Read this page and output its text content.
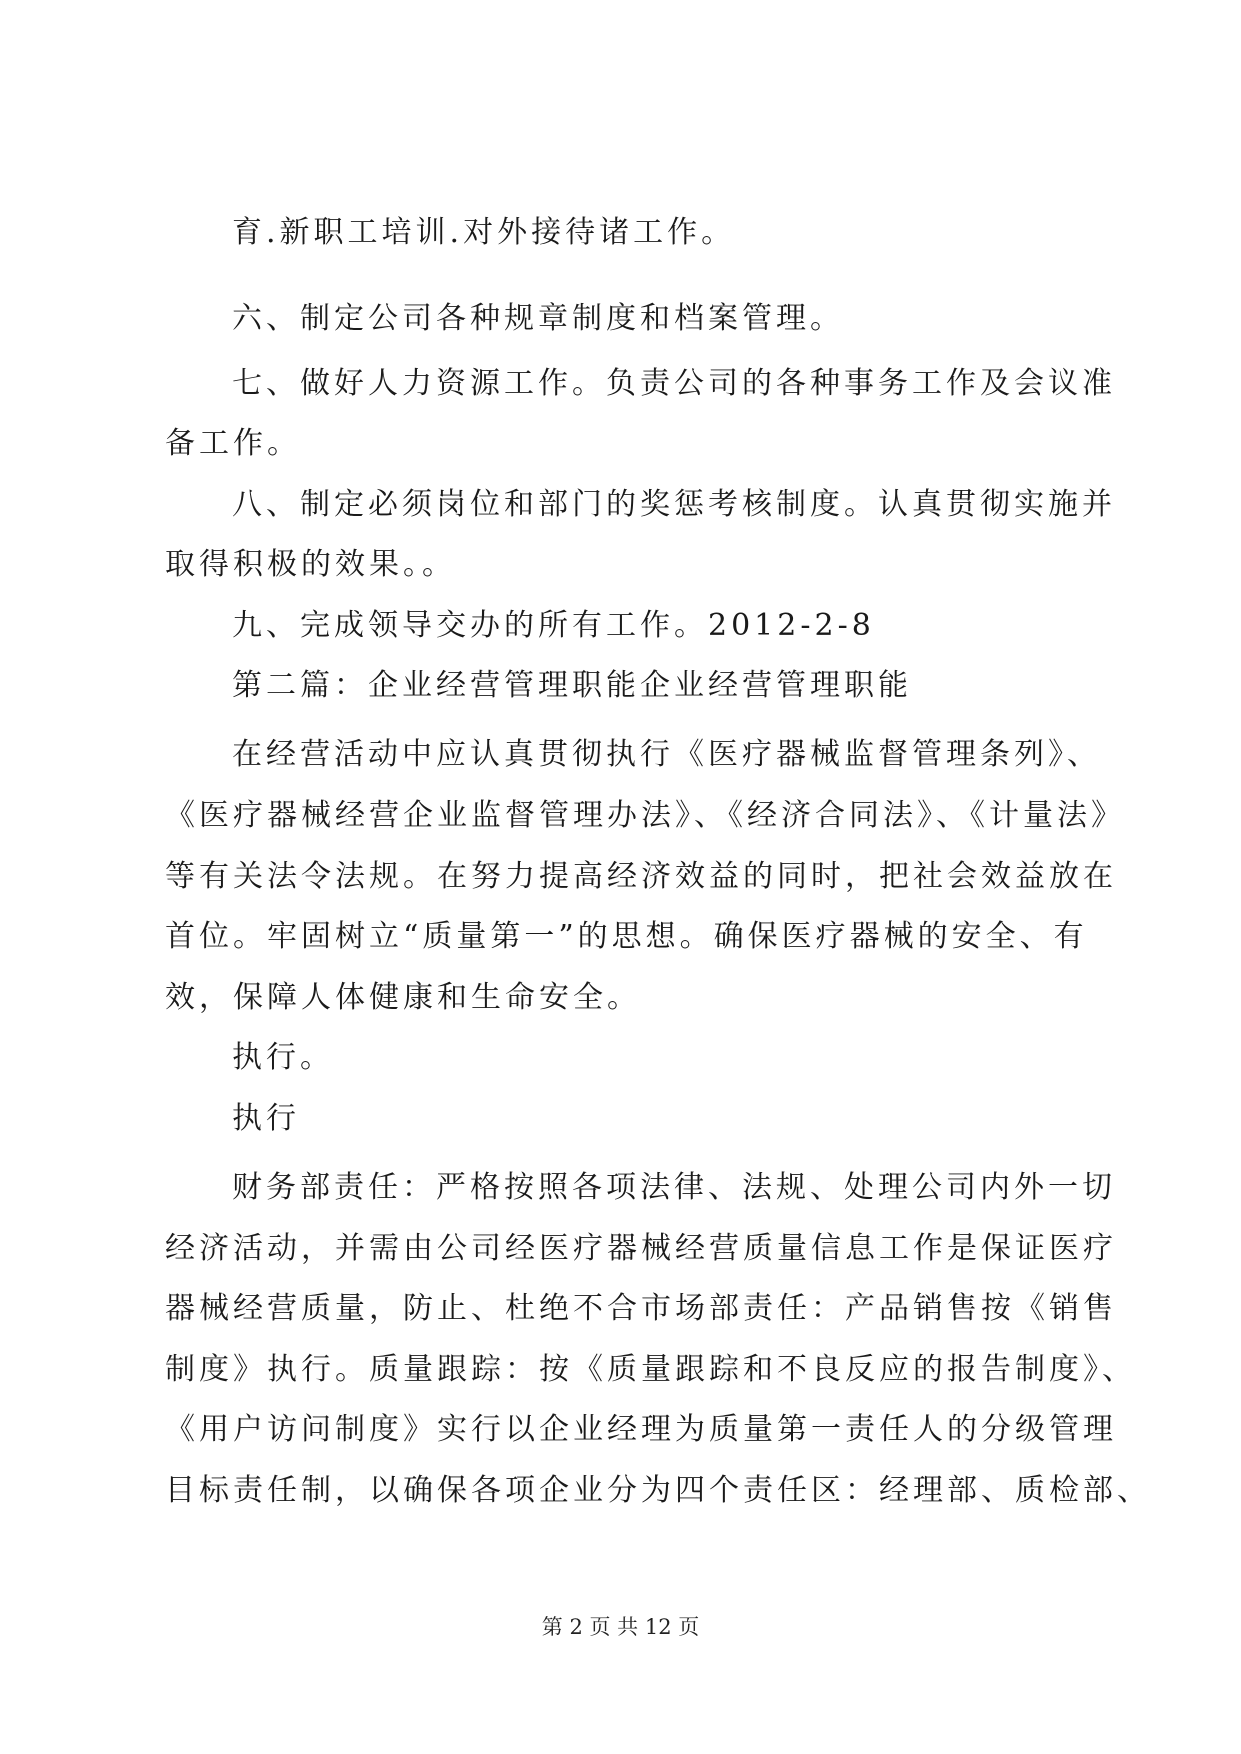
育.新职工培训.对外接待诸工作。
六、制定公司各种规章制度和档案管理。
七、做好人力资源工作。负责公司的各种事务工作及会议准
备工作。
八、制定必须岗位和部门的奖惩考核制度。认真贯彻实施并
取得积极的效果。。
九、完成领导交办的所有工作。2012-2-8
第二篇：企业经营管理职能企业经营管理职能
在经营活动中应认真贯彻执行《医疗器械监督管理条列》、
《医疗器械经营企业监督管理办法》、《经济合同法》、《计量法》
等有关法令法规。在努力提高经济效益的同时，把社会效益放在
首位。牢固树立“质量第一”的思想。确保医疗器械的安全、有
效，保障人体健康和生命安全。
执行。
执行
财务部责任：严格按照各项法律、法规、处理公司内外一切
经济活动，并需由公司经医疗器械经营质量信息工作是保证医疗
器械经营质量，防止、杜绝不合市场部责任：产品销售按《销售
制度》执行。质量跟踪：按《质量跟踪和不良反应的报告制度》、
《用户访问制度》实行以企业经理为质量第一责任人的分级管理
目标责任制，以确保各项企业分为四个责任区：经理部、质检部、
第 2 页 共 12 页
